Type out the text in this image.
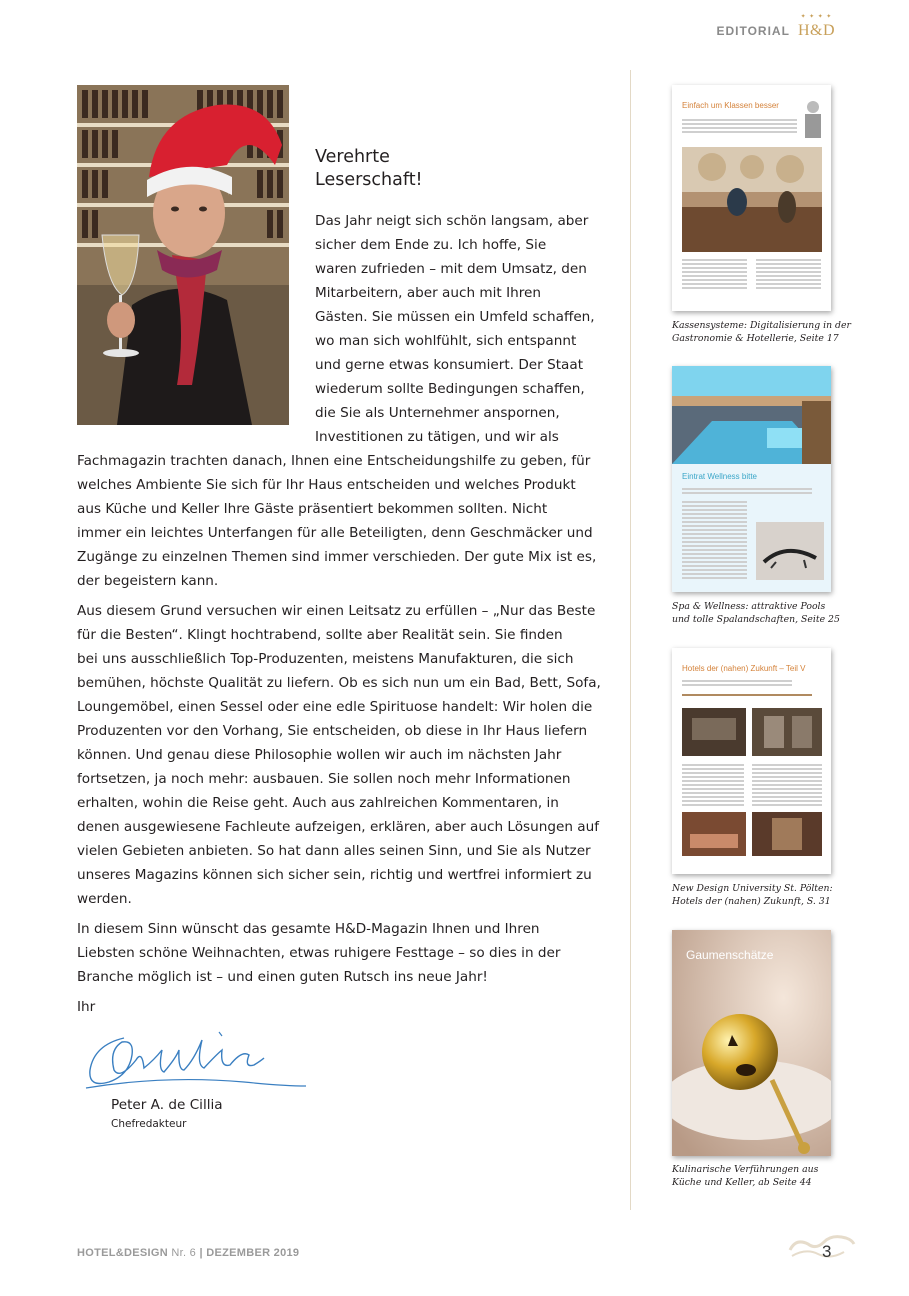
EDITORIAL
✦ ✦ ✦ ✦
H&D
Verehrte
Leserschaft!

Das Jahr neigt sich schön langsam, aber

sicher dem Ende zu. Ich hoffe, Sie

waren zufrieden – mit dem Umsatz, den

Mitarbeitern, aber auch mit Ihren

Gästen. Sie müssen ein Umfeld schaffen,

wo man sich wohlfühlt, sich entspannt

und gerne etwas konsumiert. Der Staat

wiederum sollte Bedingungen schaffen,

die Sie als Unternehmer anspornen,

Investitionen zu tätigen, und wir als

Fachmagazin trachten danach, Ihnen eine Entscheidungshilfe zu geben, für

welches Ambiente Sie sich für Ihr Haus entscheiden und welches Produkt

aus Küche und Keller Ihre Gäste präsentiert bekommen sollten. Nicht

immer ein leichtes Unterfangen für alle Beteiligten, denn Geschmäcker und

Zugänge zu einzelnen Themen sind immer verschieden. Der gute Mix ist es,

der begeistern kann.

Aus diesem Grund versuchen wir einen Leitsatz zu erfüllen – „Nur das Beste

für die Besten“. Klingt hochtrabend, sollte aber Realität sein. Sie finden

bei uns ausschließlich Top-Produzenten, meistens Manufakturen, die sich

bemühen, höchste Qualität zu liefern. Ob es sich nun um ein Bad, Bett, Sofa,

Loungemöbel, einen Sessel oder eine edle Spirituose handelt: Wir holen die

Produzenten vor den Vorhang, Sie entscheiden, ob diese in Ihr Haus liefern

können. Und genau diese Philosophie wollen wir auch im nächsten Jahr

fortsetzen, ja noch mehr: ausbauen. Sie sollen noch mehr Informationen

erhalten, wohin die Reise geht. Auch aus zahlreichen Kommentaren, in

denen ausgewiesene Fachleute aufzeigen, erklären, aber auch Lösungen auf

vielen Gebieten anbieten. So hat dann alles seinen Sinn, und Sie als Nutzer

unseres Magazins können sich sicher sein, richtig und wertfrei informiert zu

werden.

In diesem Sinn wünscht das gesamte H&D-Magazin Ihnen und Ihren

Liebsten schöne Weihnachten, etwas ruhigere Festtage – so dies in der

Branche möglich ist – und einen guten Rutsch ins neue Jahr!

Ihr

Peter A. de Cillia
Chefredakteur
Einfach um Klassen besser
Kassensysteme: Digitalisierung in der
Gastronomie & Hotellerie, Seite 17
Eintrat Wellness bitte
Spa & Wellness: attraktive Pools
und tolle Spalandschaften, Seite 25
Hotels der (nahen) Zukunft – Teil V
New Design University St. Pölten:
Hotels der (nahen) Zukunft, S. 31
Gaumenschätze
Kulinarische Verführungen aus
Küche und Keller, ab Seite 44
HOTEL&DESIGN Nr. 6 | DEZEMBER 2019	3
